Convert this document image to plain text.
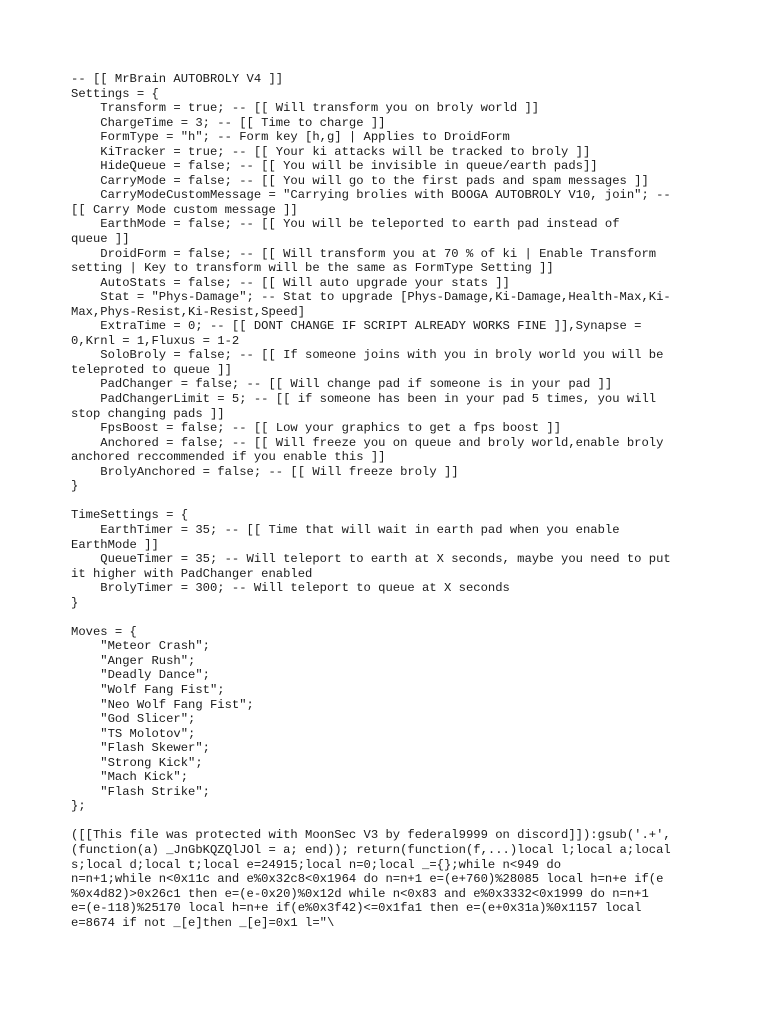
-- [[ MrBrain AUTOBROLY V4 ]]
Settings = {
Transform = true; -- [[ Will transform you on broly world ]]
ChargeTime = 3; -- [[ Time to charge ]]
FormType = "h"; -- Form key [h,g] | Applies to DroidForm
KiTracker = true; -- [[ Your ki attacks will be tracked to broly ]]
HideQueue = false; -- [[ You will be invisible in queue/earth pads]]
CarryMode = false; -- [[ You will go to the first pads and spam messages ]]
CarryModeCustomMessage = "Carrying brolies with BOOGA AUTOBROLY V10, join"; --
[[ Carry Mode custom message ]]
EarthMode = false; -- [[ You will be teleported to earth pad instead of
queue ]]
DroidForm = false; -- [[ Will transform you at 70 % of ki | Enable Transform
setting | Key to transform will be the same as FormType Setting ]]
AutoStats = false; -- [[ Will auto upgrade your stats ]]
Stat = "Phys-Damage"; -- Stat to upgrade [Phys-Damage,Ki-Damage,Health-Max,Ki-
Max,Phys-Resist,Ki-Resist,Speed]
ExtraTime = 0; -- [[ DONT CHANGE IF SCRIPT ALREADY WORKS FINE ]],Synapse =
0,Krnl = 1,Fluxus = 1-2
SoloBroly = false; -- [[ If someone joins with you in broly world you will be
teleproted to queue ]]
PadChanger = false; -- [[ Will change pad if someone is in your pad ]]
PadChangerLimit = 5; -- [[ if someone has been in your pad 5 times, you will
stop changing pads ]]
FpsBoost = false; -- [[ Low your graphics to get a fps boost ]]
Anchored = false; -- [[ Will freeze you on queue and broly world,enable broly
anchored reccommended if you enable this ]]
BrolyAnchored = false; -- [[ Will freeze broly ]]
}
TimeSettings = {
EarthTimer = 35; -- [[ Time that will wait in earth pad when you enable
EarthMode ]]
QueueTimer = 35; -- Will teleport to earth at X seconds, maybe you need to put
it higher with PadChanger enabled
BrolyTimer = 300; -- Will teleport to queue at X seconds
}
Moves = {
"Meteor Crash";
"Anger Rush";
"Deadly Dance";
"Wolf Fang Fist";
"Neo Wolf Fang Fist";
"God Slicer";
"TS Molotov";
"Flash Skewer";
"Strong Kick";
"Mach Kick";
"Flash Strike";
};
([[This file was protected with MoonSec V3 by federal9999 on discord]]):gsub('.+',
(function(a) _JnGbKQZQlJOl = a; end)); return(function(f,...)local l;local a;local
s;local d;local t;local e=24915;local n=0;local _={};while n<949 do
n=n+1;while n<0x11c and e%0x32c8<0x1964 do n=n+1 e=(e+760)%28085 local h=n+e if(e
%0x4d82)>0x26c1 then e=(e-0x20)%0x12d while n<0x83 and e%0x3332<0x1999 do n=n+1
e=(e-118)%25170 local h=n+e if(e%0x3f42)<=0x1fa1 then e=(e+0x31a)%0x1157 local
e=8674 if not _[e]then _[e]=0x1 l="\
